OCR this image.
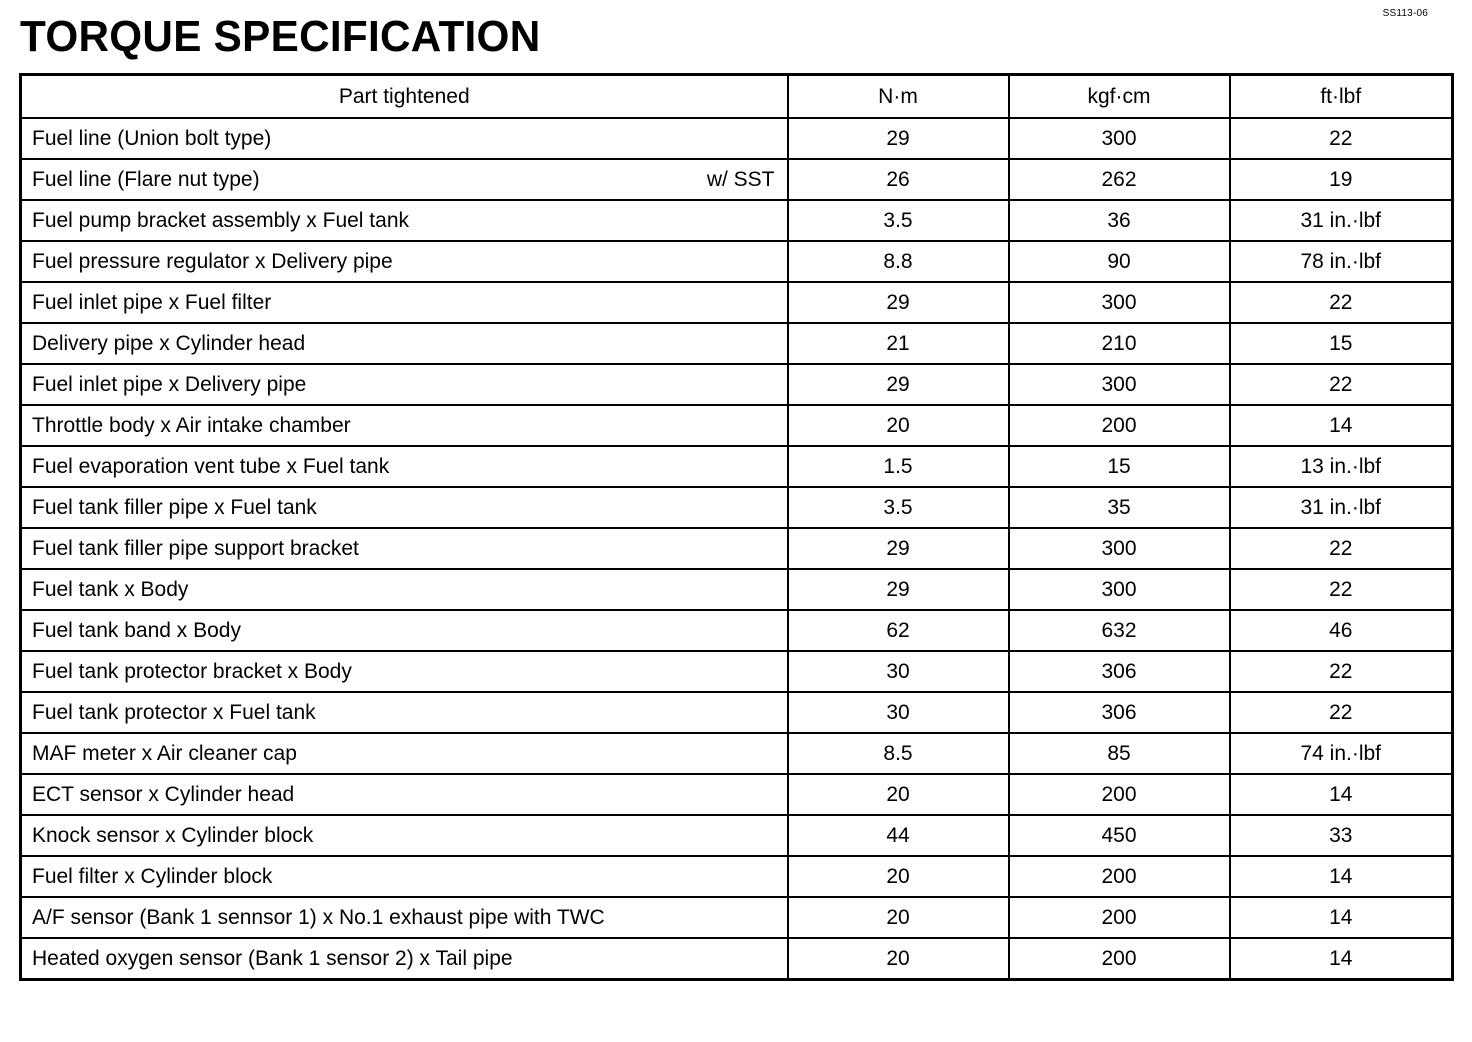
SS113-06
TORQUE SPECIFICATION
Part tightened	N·m	kgf·cm	ft·lbf

Fuel line (Union bolt type)	29	300	22

Fuel line (Flare nut type) w/ SST	26	262	19

Fuel pump bracket assembly x Fuel tank	3.5	36	31 in.·lbf

Fuel pressure regulator x Delivery pipe	8.8	90	78 in.·lbf

Fuel inlet pipe x Fuel filter	29	300	22

Delivery pipe x Cylinder head	21	210	15

Fuel inlet pipe x Delivery pipe	29	300	22

Throttle body x Air intake chamber	20	200	14

Fuel evaporation vent tube x Fuel tank	1.5	15	13 in.·lbf

Fuel tank filler pipe x Fuel tank	3.5	35	31 in.·lbf

Fuel tank filler pipe support bracket	29	300	22

Fuel tank x Body	29	300	22

Fuel tank band x Body	62	632	46

Fuel tank protector bracket x Body	30	306	22

Fuel tank protector x Fuel tank	30	306	22

MAF meter x Air cleaner cap	8.5	85	74 in.·lbf

ECT sensor x Cylinder head	20	200	14

Knock sensor x Cylinder block	44	450	33

Fuel filter x Cylinder block	20	200	14

A/F sensor (Bank 1 sennsor 1) x No.1 exhaust pipe with TWC	20	200	14

Heated oxygen sensor (Bank 1 sensor 2) x Tail pipe	20	200	14
